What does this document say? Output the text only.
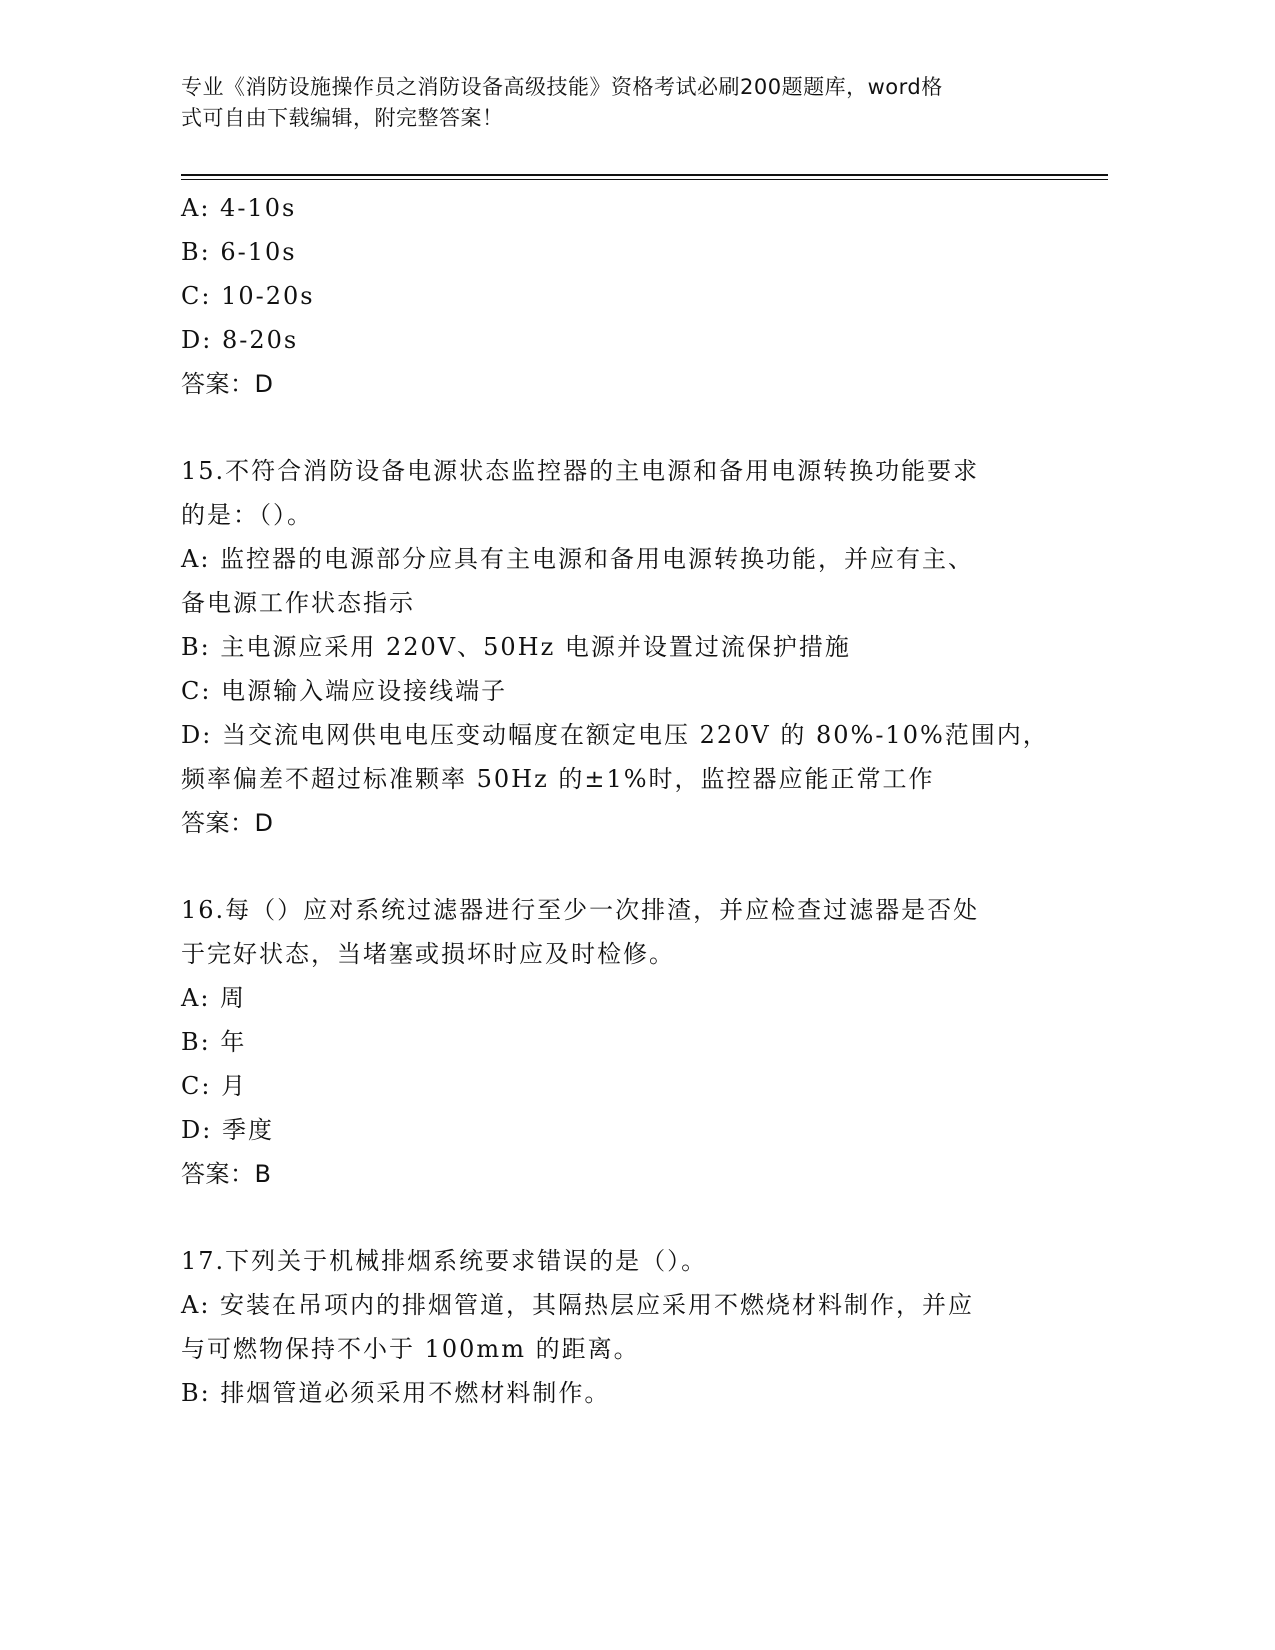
专业《消防设施操作员之消防设备高级技能》资格考试必刷200题题库，word格
式可自由下载编辑，附完整答案！
A: 4-10s
B: 6-10s
C: 10-20s
D: 8-20s
答案：D
15.不符合消防设备电源状态监控器的主电源和备用电源转换功能要求
的是：（）。
A: 监控器的电源部分应具有主电源和备用电源转换功能，并应有主、
备电源工作状态指示
B: 主电源应采用 220V、50Hz 电源并设置过流保护措施
C: 电源输入端应设接线端子
D: 当交流电网供电电压变动幅度在额定电压 220V 的 80%-10%范围内，
频率偏差不超过标准颗率 50Hz 的±1%时，监控器应能正常工作
答案：D
16.每（）应对系统过滤器进行至少一次排渣，并应检查过滤器是否处
于完好状态，当堵塞或损坏时应及时检修。
A: 周
B: 年
C: 月
D: 季度
答案：B
17.下列关于机械排烟系统要求错误的是（）。
A: 安装在吊项内的排烟管道，其隔热层应采用不燃烧材料制作，并应
与可燃物保持不小于 100mm 的距离。
B: 排烟管道必须采用不燃材料制作。
